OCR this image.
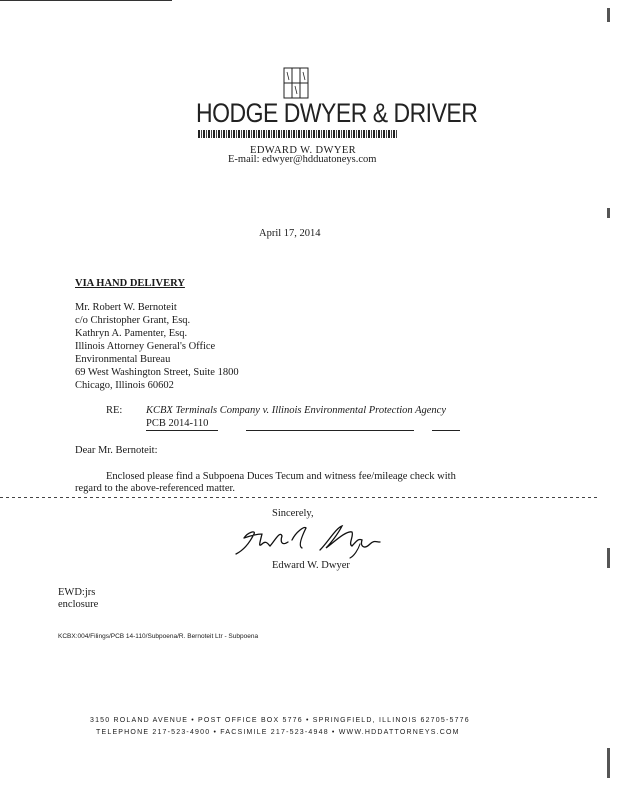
HODGE DWYER & DRIVER
EDWARD W. DWYER
E-mail: edwyer@hdduatoneys.com
April 17, 2014
VIA HAND DELIVERY
Mr. Robert W. Bernoteit
c/o Christopher Grant, Esq.
Kathryn A. Pamenter, Esq.
Illinois Attorney General's Office
Environmental Bureau
69 West Washington Street, Suite 1800
Chicago, Illinois 60602
RE: KCBX Terminals Company v. Illinois Environmental Protection Agency
PCB 2014-110
Dear Mr. Bernoteit:
Enclosed please find a Subpoena Duces Tecum and witness fee/mileage check with
regard to the above-referenced matter.
Sincerely,
Edward W. Dwyer
EWD:jrs
enclosure
KCBX:004/Filings/PCB 14-110/Subpoena/R. Bernoteit Ltr - Subpoena
3150 ROLAND AVENUE • POST OFFICE BOX 5776 • SPRINGFIELD, ILLINOIS 62705-5776
TELEPHONE 217-523-4900 • FACSIMILE 217-523-4948 • WWW.HDDATTORNEYS.COM
